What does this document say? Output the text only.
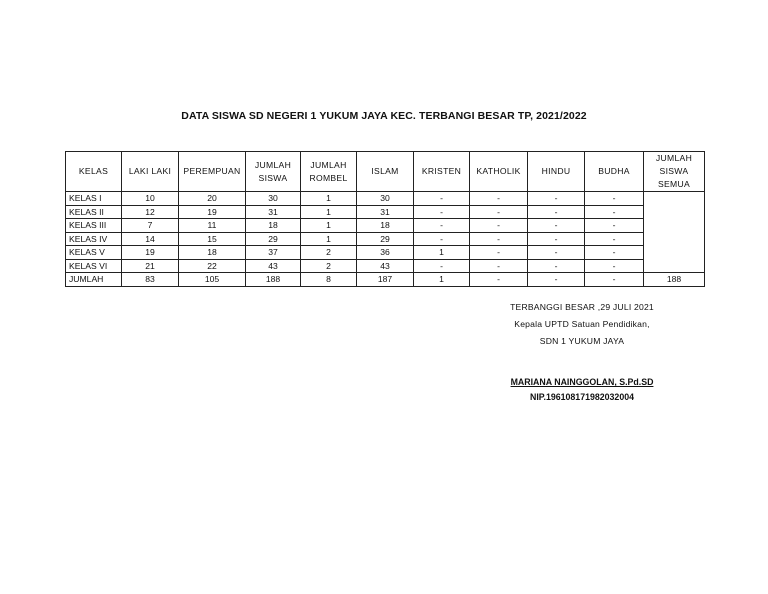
DATA SISWA SD NEGERI 1 YUKUM JAYA KEC. TERBANGI BESAR TP, 2021/2022
KELAS	LAKI LAKI	PEREMPUAN	JUMLAH SISWA	JUMLAH ROMBEL	ISLAM	KRISTEN	KATHOLIK	HINDU	BUDHA	JUMLAH SISWA SEMUA
KELAS I	10	20	30	1	30	-	-	-	-	
KELAS II	12	19	31	1	31	-	-	-	-	
KELAS III	7	11	18	1	18	-	-	-	-	
KELAS IV	14	15	29	1	29	-	-	-	-	
KELAS V	19	18	37	2	36	1	-	-	-	
KELAS VI	21	22	43	2	43	-	-	-	-	
JUMLAH	83	105	188	8	187	1	-	-	-	188
TERBANGGI BESAR ,29 JULI 2021
Kepala UPTD Satuan Pendidikan,
SDN 1 YUKUM JAYA
MARIANA NAINGGOLAN, S.Pd.SD
NIP.196108171982032004
